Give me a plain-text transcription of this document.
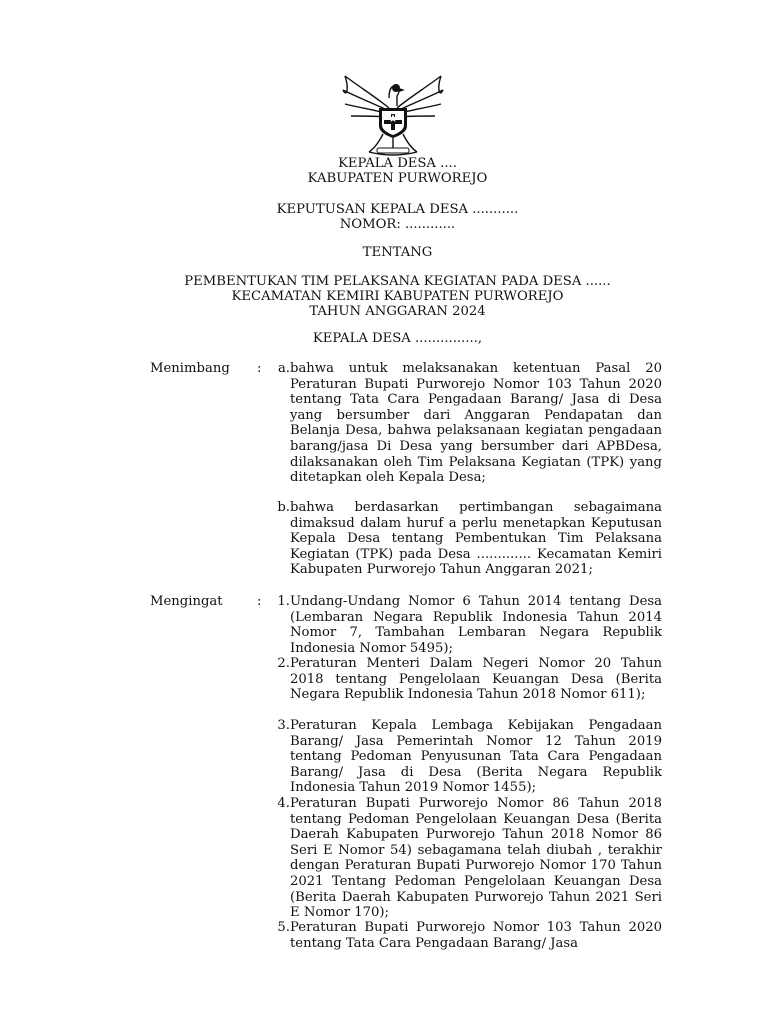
KEPALA DESA ....
KABUPATEN PURWOREJO
KEPUTUSAN KEPALA DESA ...........
NOMOR: ............
TENTANG
PEMBENTUKAN TIM PELAKSANA KEGIATAN PADA DESA ......
KECAMATAN KEMIRI KABUPATEN PURWOREJO
TAHUN ANGGARAN 2024
KEPALA DESA ...............,
Menimbang :	a. bahwa untuk melaksanakan ketentuan Pasal 20 Peraturan Bupati Purworejo Nomor 103 Tahun 2020 tentang Tata Cara Pengadaan Barang/ Jasa di Desa yang bersumber dari Anggaran Pendapatan dan Belanja Desa, bahwa pelaksanaan kegiatan pengadaan barang/jasa Di Desa yang bersumber dari APBDesa, dilaksanakan oleh Tim Pelaksana Kegiatan (TPK) yang ditetapkan oleh Kepala Desa;
b. bahwa berdasarkan pertimbangan sebagaimana dimaksud dalam huruf a perlu menetapkan Keputusan Kepala Desa tentang Pembentukan Tim Pelaksana Kegiatan (TPK) pada Desa ............. Kecamatan Kemiri Kabupaten Purworejo Tahun Anggaran 2021;
Mengingat	:	1. Undang-Undang Nomor 6 Tahun 2014 tentang Desa (Lembaran Negara Republik Indonesia Tahun 2014 Nomor 7, Tambahan Lembaran Negara Republik Indonesia Nomor 5495);
2. Peraturan Menteri Dalam Negeri Nomor 20 Tahun 2018 tentang Pengelolaan Keuangan Desa (Berita Negara Republik Indonesia Tahun 2018 Nomor 611);
3. Peraturan Kepala Lembaga Kebijakan Pengadaan Barang/ Jasa Pemerintah Nomor 12 Tahun 2019 tentang Pedoman Penyusunan Tata Cara Pengadaan Barang/ Jasa di Desa (Berita Negara Republik Indonesia Tahun 2019 Nomor 1455);
4. Peraturan Bupati Purworejo Nomor 86 Tahun 2018 tentang Pedoman Pengelolaan Keuangan Desa (Berita Daerah Kabupaten Purworejo Tahun 2018 Nomor 86 Seri E Nomor 54) sebagamana telah diubah , terakhir dengan Peraturan Bupati Purworejo Nomor 170 Tahun 2021 Tentang Pedoman Pengelolaan Keuangan Desa (Berita Daerah Kabupaten Purworejo Tahun 2021 Seri E Nomor 170);
5. Peraturan Bupati Purworejo Nomor 103 Tahun 2020 tentang Tata Cara Pengadaan Barang/ Jasa
